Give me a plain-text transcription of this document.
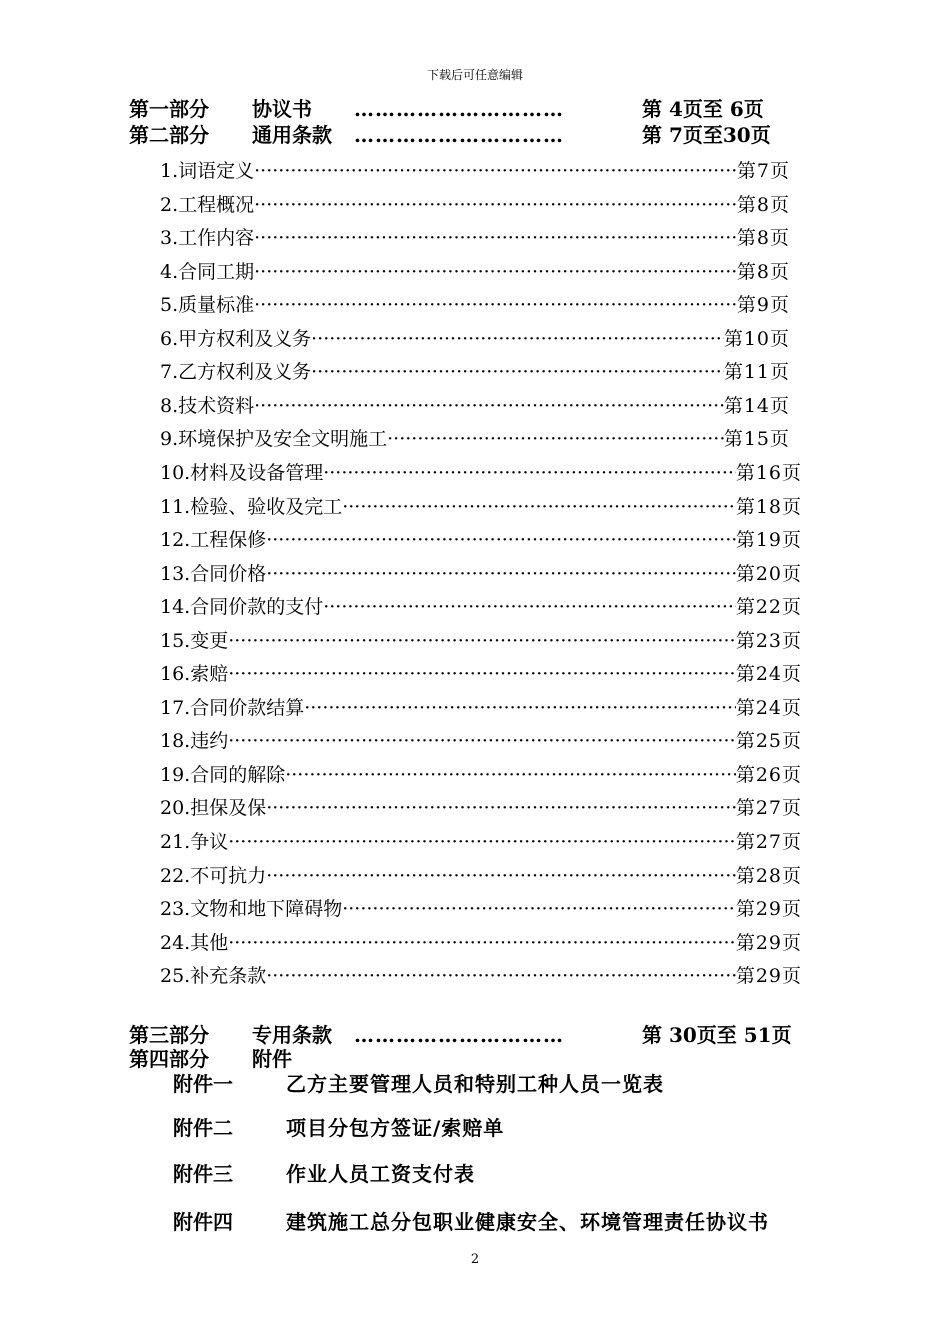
下载后可任意编辑
第一部分 协议书 …………………………	第 4页至 6页
第二部分 通用条款 …………………………	第 7页至30页
1.词语定义 ·····	第7页
2.工程概况 ·····	第8页
3.工作内容 ·····	第8页
4.合同工期 ·····	第8页
5.质量标准 ·····	第9页
6.甲方权利及义务 ·····	第10页
7.乙方权利及义务 ·····	第11页
8.技术资料 ·····	第14页
9.环境保护及安全文明施工 ·····	第15页
10.材料及设备管理 ·····	第16页
11.检验、验收及完工 ·····	第18页
12.工程保修 ·····	第19页
13.合同价格 ·····	第20页
14.合同价款的支付 ·····	第22页
15.变更 ·····	第23页
16.索赔 ·····	第24页
17.合同价款结算 ·····	第24页
18.违约 ·····	第25页
19.合同的解除 ·····	第26页
20.担保及保 ·····	第27页
21.争议 ·····	第27页
22.不可抗力 ·····	第28页
23.文物和地下障碍物 ·····	第29页
24.其他 ·····	第29页
25.补充条款 ·····	第29页
第三部分 专用条款 …………………………	第 30页至 51页
第四部分 附件
附件一	乙方主要管理人员和特别工种人员一览表
附件二	项目分包方签证/索赔单
附件三	作业人员工资支付表
附件四	建筑施工总分包职业健康安全、环境管理责任协议书
2
